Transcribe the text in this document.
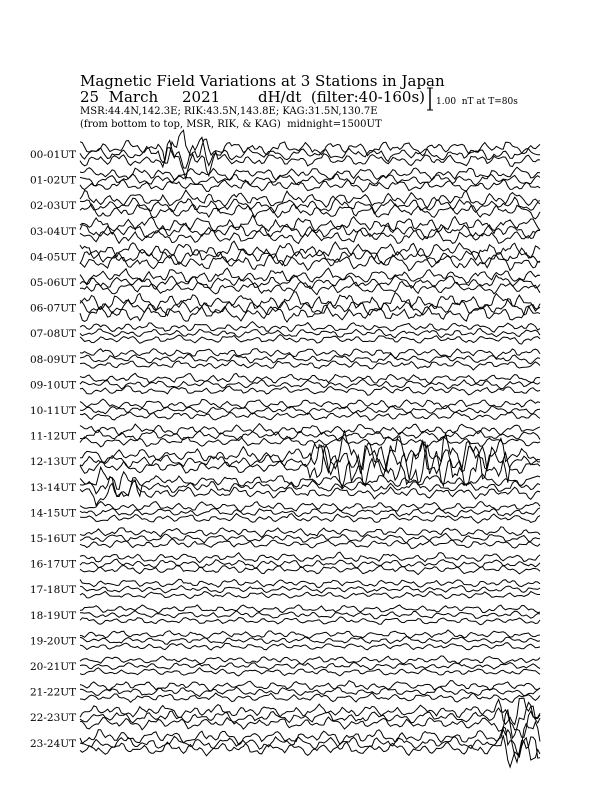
Magnetic Field Variations at 3 Stations in Japan
25  March     2021	dH/dt  (filter:40-160s)
MSR:44.4N,142.3E; RIK:43.5N,143.8E; KAG:31.5N,130.7E
(from bottom to top, MSR, RIK, & KAG)  midnight=1500UT
1.00  nT at T=80s
00-01UT
01-02UT
02-03UT
03-04UT
04-05UT
05-06UT
06-07UT
07-08UT
08-09UT
09-10UT
10-11UT
11-12UT
12-13UT
13-14UT
14-15UT
15-16UT
16-17UT
17-18UT
18-19UT
19-20UT
20-21UT
21-22UT
22-23UT
23-24UT
